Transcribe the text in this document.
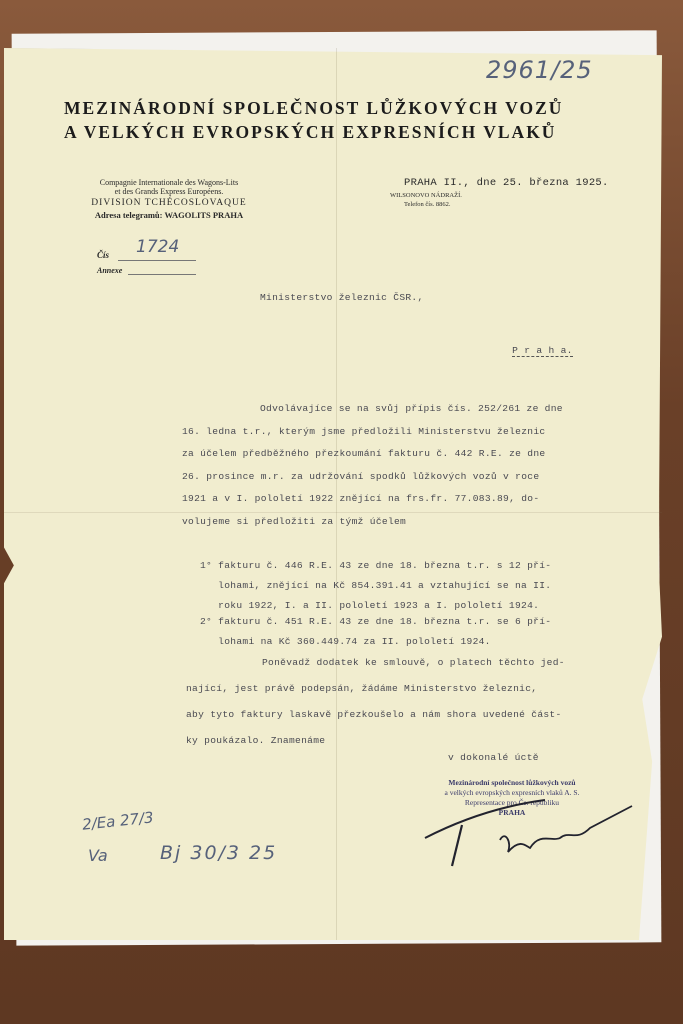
2961/25
MEZINÁRODNÍ SPOLEČNOST LŮŽKOVÝCH VOZŮ
A VELKÝCH EVROPSKÝCH EXPRESNÍCH VLAKŮ
Compagnie Internationale des Wagons-Lits
et des Grands Express Européens.
DIVISION TCHÉCOSLOVAQUE
Adresa telegramů: WAGOLITS PRAHA
Čís 1724
Annexe
PRAHA II., dne 25. března 1925.
WILSONOVO NÁDRAŽÍ.
Telefon čís. 8862.
Ministerstvo železnic ČSR.,

P r a h a.

Odvolávajíce se na svůj přípis čís. 252/261 ze dne
16. ledna t.r., kterým jsme předložili Ministerstvu železnic
za účelem předběžného přezkoumání fakturu č. 442 R.E. ze dne
26. prosince m.r. za udržování spodků lůžkových vozů v roce
1921 a v I. pololetí 1922 znějící na frs.fr. 77.083.89, do-
volujeme si předložiti za týmž účelem
1° fakturu č. 446 R.E. 43 ze dne 18. března t.r. s 12 pří-
lohami, znějící na Kč 854.391.41 a vztahující se na II.
roku 1922, I. a II. pololetí 1923 a I. pololetí 1924.
2° fakturu č. 451 R.E. 43 ze dne 18. března t.r. se 6 pří-
lohami na Kč 360.449.74 za II. pololetí 1924.
Poněvadž dodatek ke smlouvě, o platech těchto jed-
nající, jest právě podepsán, žádáme Ministerstvo železnic,
aby tyto faktury laskavě přezkoušelo a nám shora uvedené část-
ky poukázalo. Znamenáme
v dokonalé úctě
Mezinárodní společnost lůžkových vozů
a velkých evropských expresních vlaků A. S.
Representace pro Čs. republiku
PRAHA
2/Ea 27/3
Va	Bj 30/3 25
